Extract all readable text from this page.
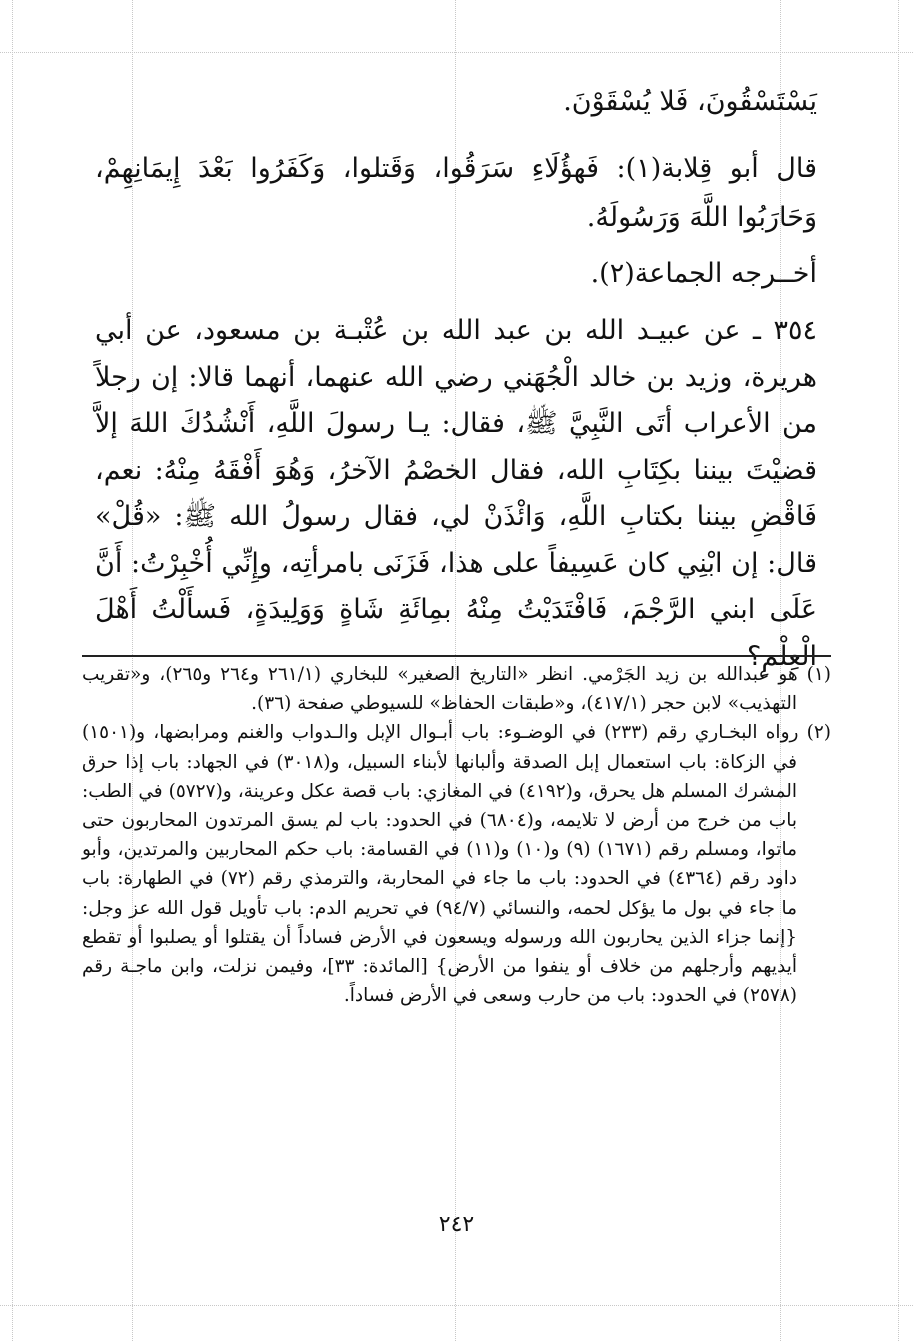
يَسْتَسْقُونَ، فَلا يُسْقَوْنَ.

قال أبو قِلابة(١): فَهؤُلَاءِ سَرَقُوا، وَقَتلوا، وَكَفَرُوا بَعْدَ إِيمَانِهِمْ، وَحَارَبُوا اللَّهَ وَرَسُولَهُ.

أخــرجه الجماعة(٢).

٣٥٤ ـ عن عبيـد الله بن عبد الله بن عُتْبـة بن مسعود، عن أبي هريرة، وزيد بن خالد الْجُهَني رضي الله عنهما، أنهما قالا: إن رجلاً من الأعراب أتَى النَّبِيَّ ﷺ، فقال: يـا رسولَ اللَّهِ، أَنْشُدُكَ اللهَ إلاَّ قضيْتَ بيننا بكِتَابِ الله، فقال الخصْمُ الآخرُ، وَهُوَ أَفْقَهُ مِنْهُ: نعم، فَاقْضِ بيننا بكتابِ اللَّهِ، وَائْذَنْ لي، فقال رسولُ الله ﷺ: «قُلْ» قال: إن ابْنِي كان عَسِيفاً على هذا، فَزَنَى بامرأتِه، وإِنِّي أُخْبِرْتُ: أَنَّ عَلَى ابني الرَّجْمَ، فَافْتَدَيْتُ مِنْهُ بمِائَةِ شَاةٍ وَوَلِيدَةٍ، فَسأَلْتُ أَهْلَ الْعِلْمِ؟

(١) هو عبدالله بن زيد الجَرْمي. انظر «التاريخ الصغير» للبخاري (٢٦١/١ و٢٦٤ و٢٦٥)، و«تقريب التهذيب» لابن حجر (٤١٧/١)، و«طبقات الحفاظ» للسيوطي صفحة (٣٦).

(٢) رواه البخـاري رقم (٢٣٣) في الوضـوء: باب أبـوال الإبل والـدواب والغنم ومرابضها، و(١٥٠١) في الزكاة: باب استعمال إبل الصدقة وألبانها لأبناء السبيل، و(٣٠١٨) في الجهاد: باب إذا حرق المشرك المسلم هل يحرق، و(٤١٩٢) في المغازي: باب قصة عكل وعرينة، و(٥٧٢٧) في الطب: باب من خرج من أرض لا تلايمه، و(٦٨٠٤) في الحدود: باب لم يسق المرتدون المحاربون حتى ماتوا، ومسلم رقم (١٦٧١) (٩) و(١٠) و(١١) في القسامة: باب حكم المحاربين والمرتدين، وأبو داود رقم (٤٣٦٤) في الحدود: باب ما جاء في المحاربة، والترمذي رقم (٧٢) في الطهارة: باب ما جاء في بول ما يؤكل لحمه، والنسائي (٩٤/٧) في تحريم الدم: باب تأويل قول الله عز وجل: {إنما جزاء الذين يحاربون الله ورسوله ويسعون في الأرض فساداً أن يقتلوا أو يصلبوا أو تقطع أيديهم وأرجلهم من خلاف أو ينفوا من الأرض} [المائدة: ٣٣]، وفيمن نزلت، وابن ماجـة رقم (٢٥٧٨) في الحدود: باب من حارب وسعى في الأرض فساداً.

٢٤٢
